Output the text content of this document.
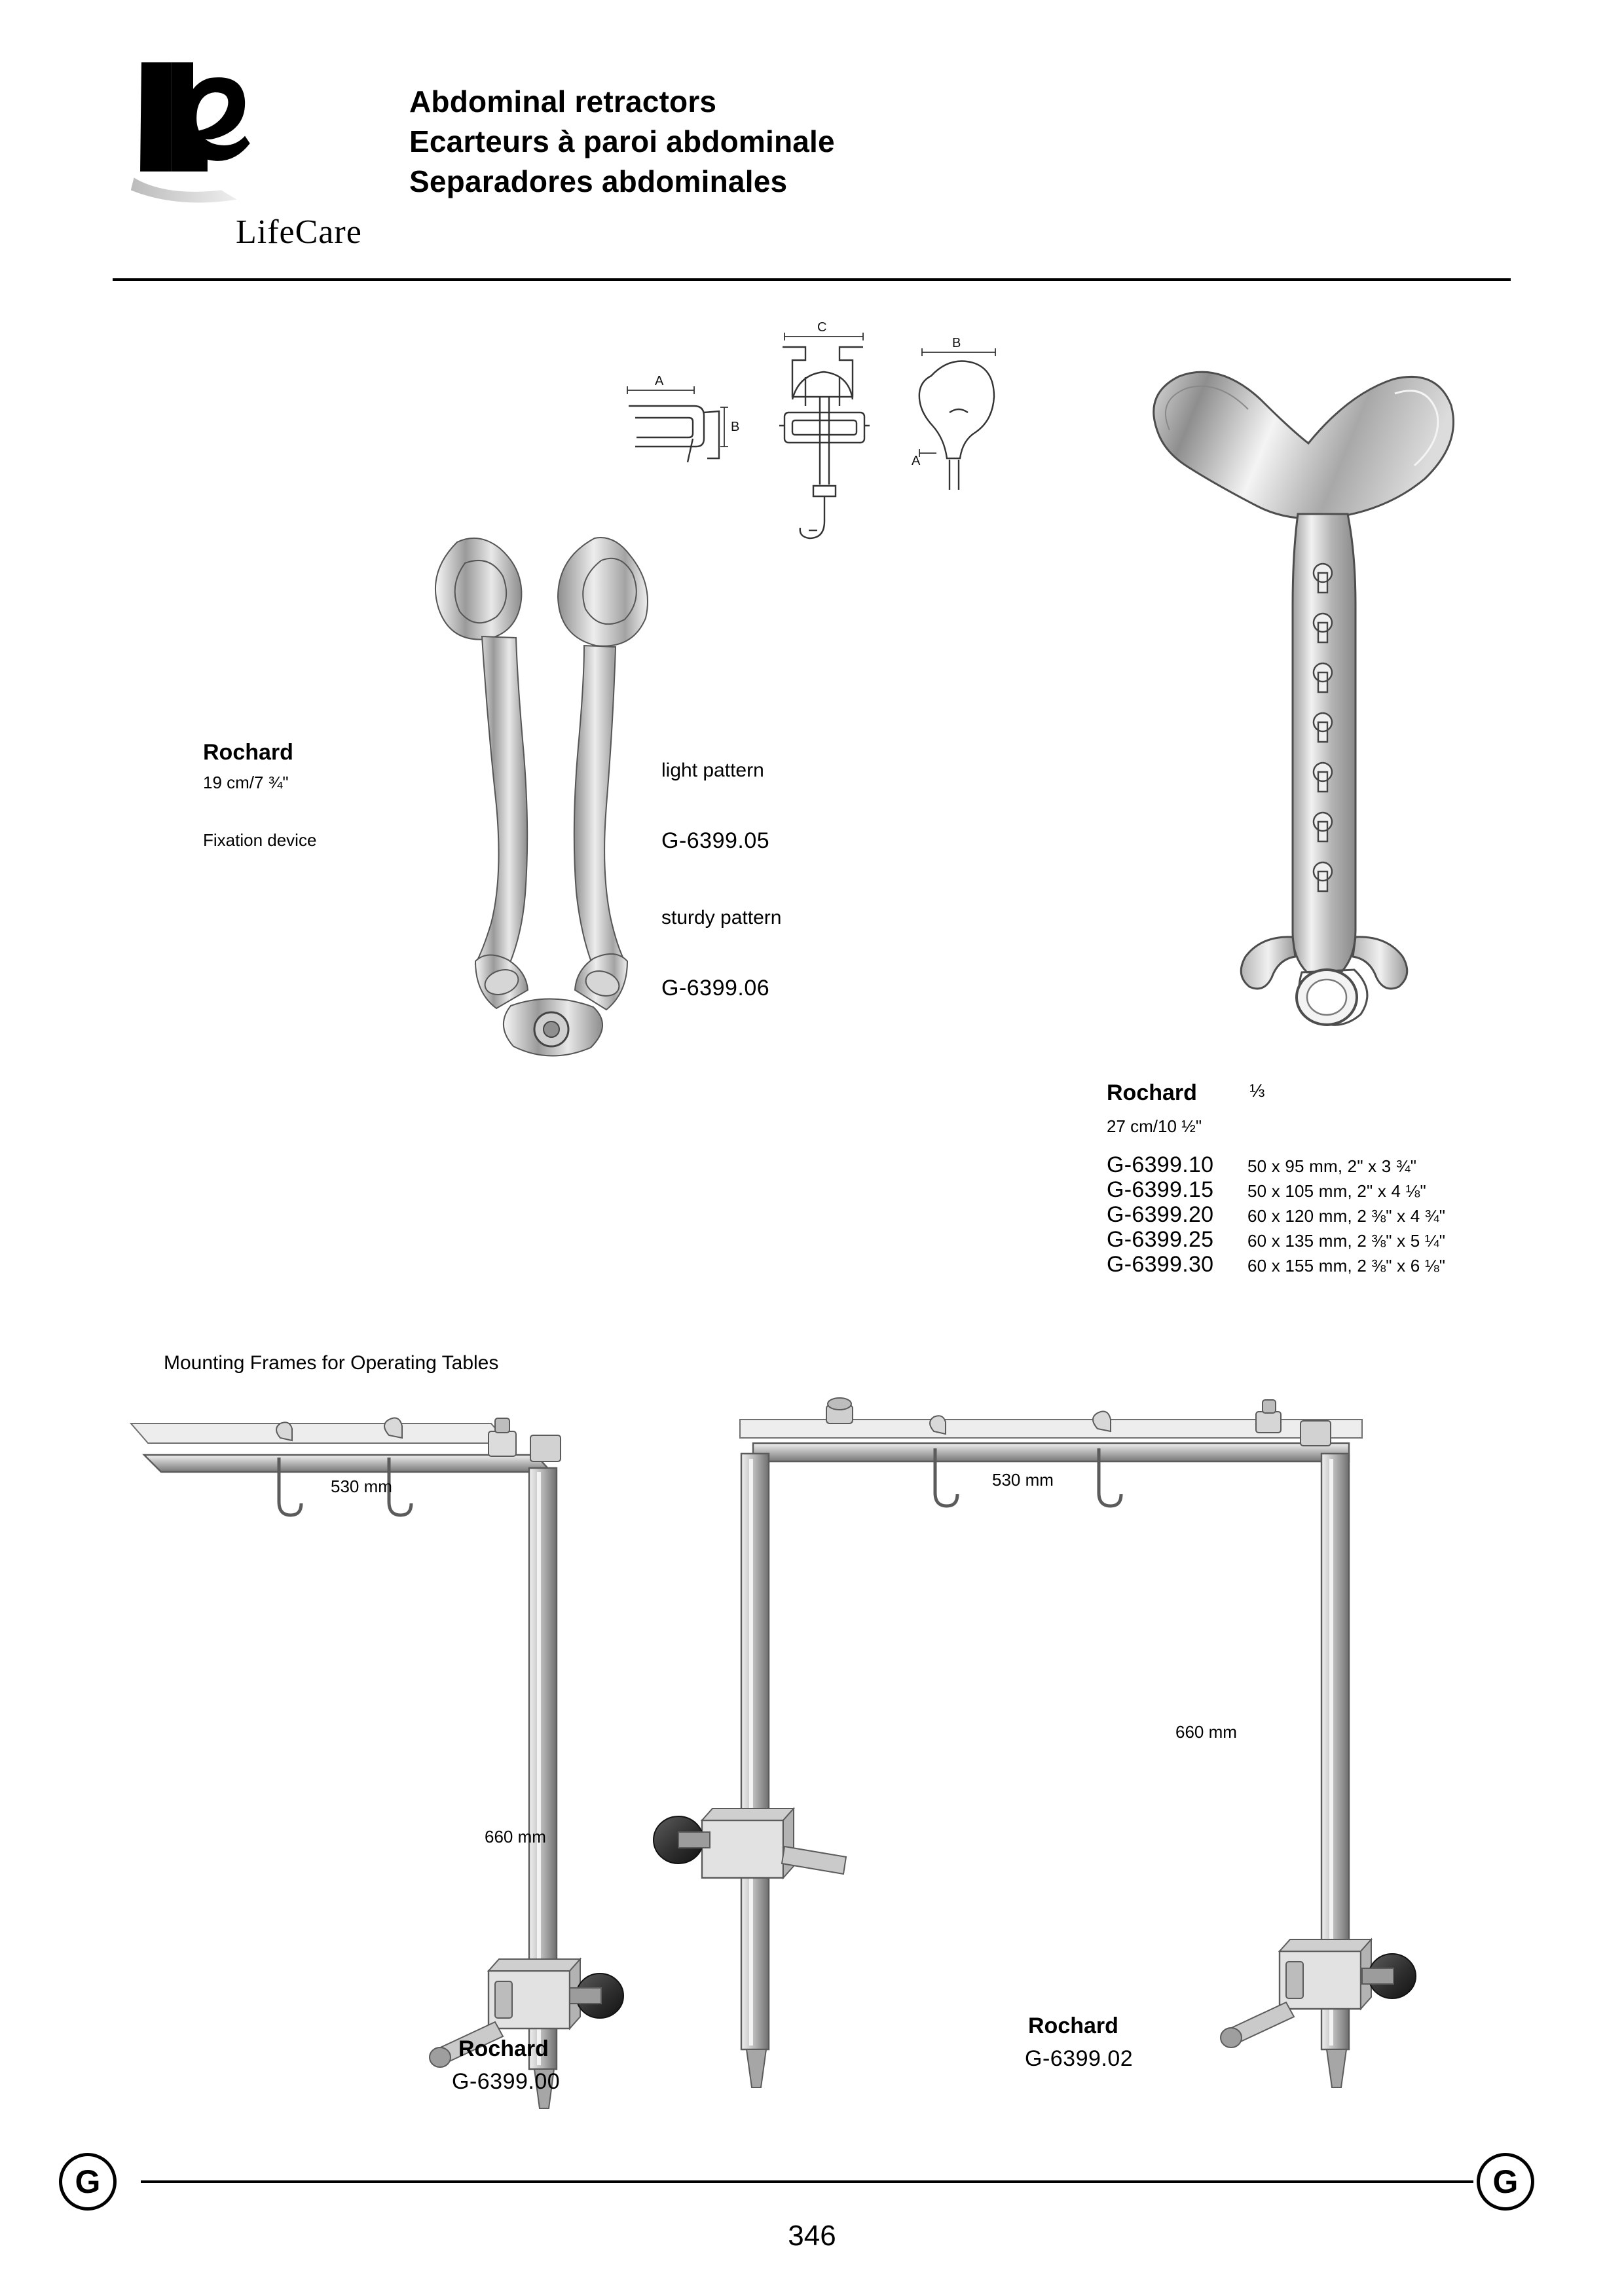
LifeCare
Abdominal retractors
Ecarteurs à paroi abdominale
Separadores abdominales
A
B
C
B
A
Rochard
19 cm/7 ¾"
Fixation device
light pattern
G-6399.05
sturdy pattern
G-6399.06
⅓
Rochard
27 cm/10 ½"
G-6399.10	50 x 95 mm, 2" x 3 ¾"
G-6399.15	50 x 105 mm, 2" x 4 ⅛"
G-6399.20	60 x 120 mm, 2 ⅜" x 4 ¾"
G-6399.25	60 x 135 mm, 2 ⅜" x 5 ¼"
G-6399.30	60 x 155 mm, 2 ⅜" x 6 ⅛"
Mounting Frames for Operating Tables
530 mm
660 mm
Rochard
G-6399.00
530 mm
660 mm
Rochard
G-6399.02
G	G
346
